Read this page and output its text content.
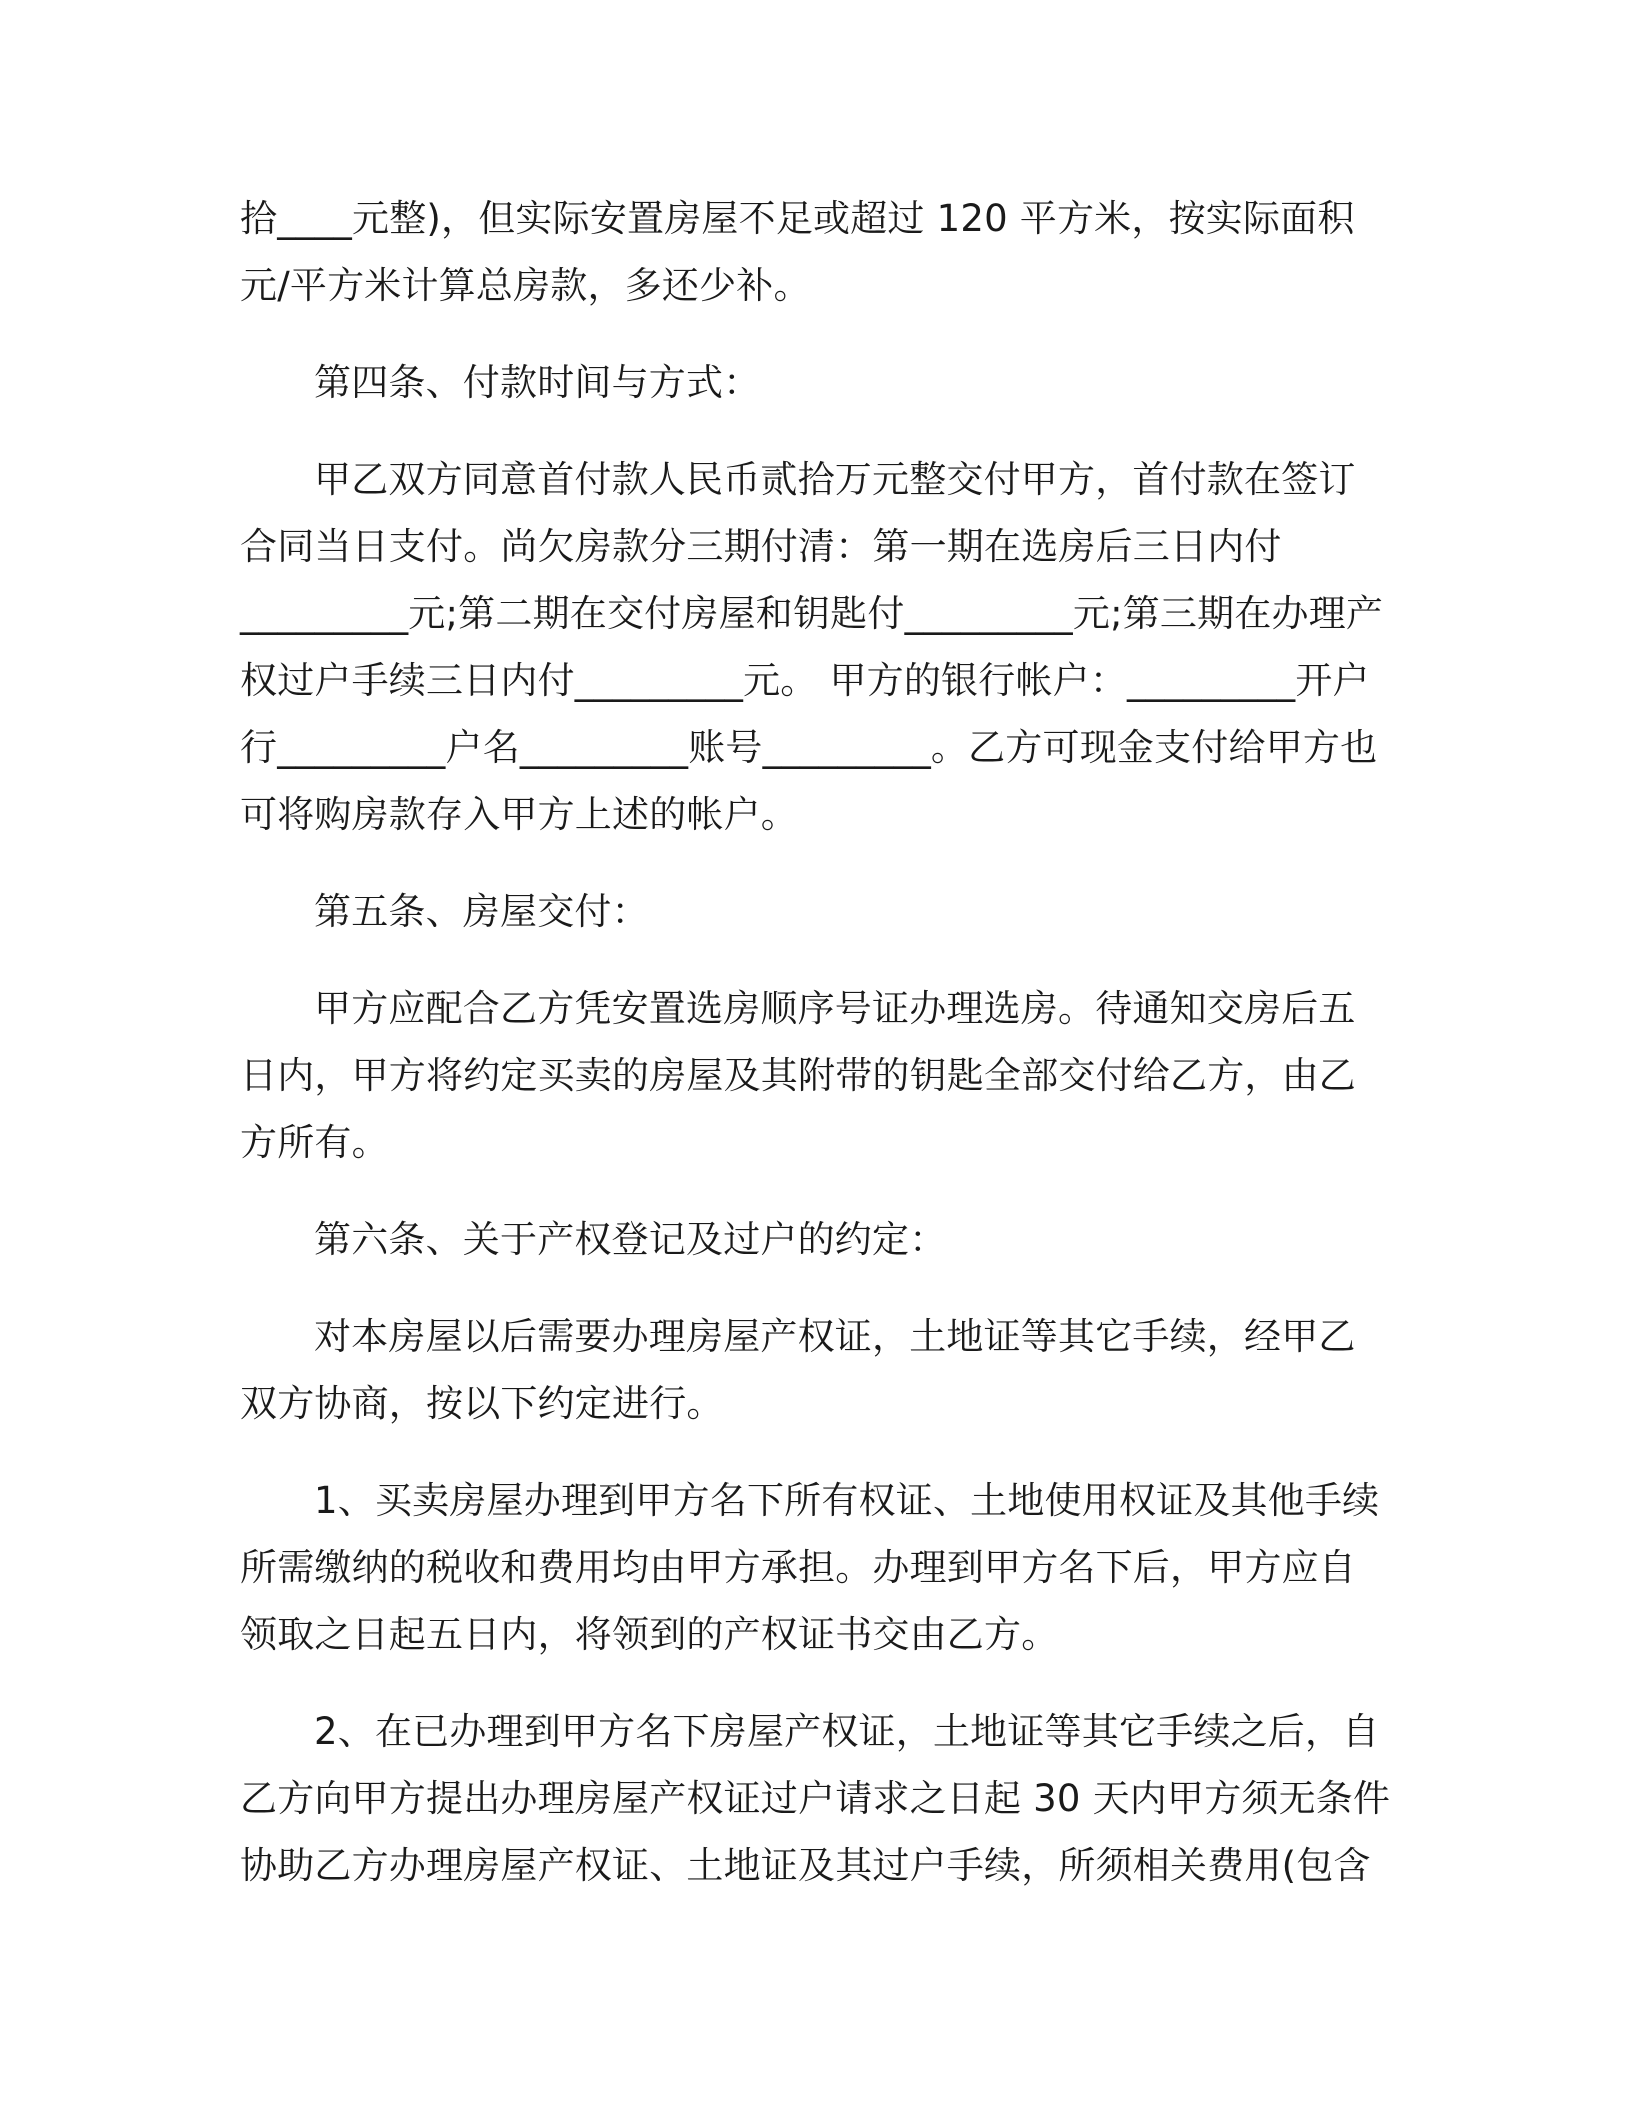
拾____元整)，但实际安置房屋不足或超过 120 平方米，按实际面积
元/平方米计算总房款，多还少补。

第四条、付款时间与方式：

甲乙双方同意首付款人民币贰拾万元整交付甲方，首付款在签订
合同当日支付。尚欠房款分三期付清：第一期在选房后三日内付
_________元;第二期在交付房屋和钥匙付_________元;第三期在办理产
权过户手续三日内付_________元。 甲方的银行帐户：_________开户
行_________户名_________账号_________。乙方可现金支付给甲方也
可将购房款存入甲方上述的帐户。

第五条、房屋交付：

甲方应配合乙方凭安置选房顺序号证办理选房。待通知交房后五
日内，甲方将约定买卖的房屋及其附带的钥匙全部交付给乙方，由乙
方所有。

第六条、关于产权登记及过户的约定：

对本房屋以后需要办理房屋产权证，土地证等其它手续，经甲乙
双方协商，按以下约定进行。

1、买卖房屋办理到甲方名下所有权证、土地使用权证及其他手续
所需缴纳的税收和费用均由甲方承担。办理到甲方名下后，甲方应自
领取之日起五日内，将领到的产权证书交由乙方。

2、在已办理到甲方名下房屋产权证，土地证等其它手续之后，自
乙方向甲方提出办理房屋产权证过户请求之日起 30 天内甲方须无条件
协助乙方办理房屋产权证、土地证及其过户手续，所须相关费用(包含
